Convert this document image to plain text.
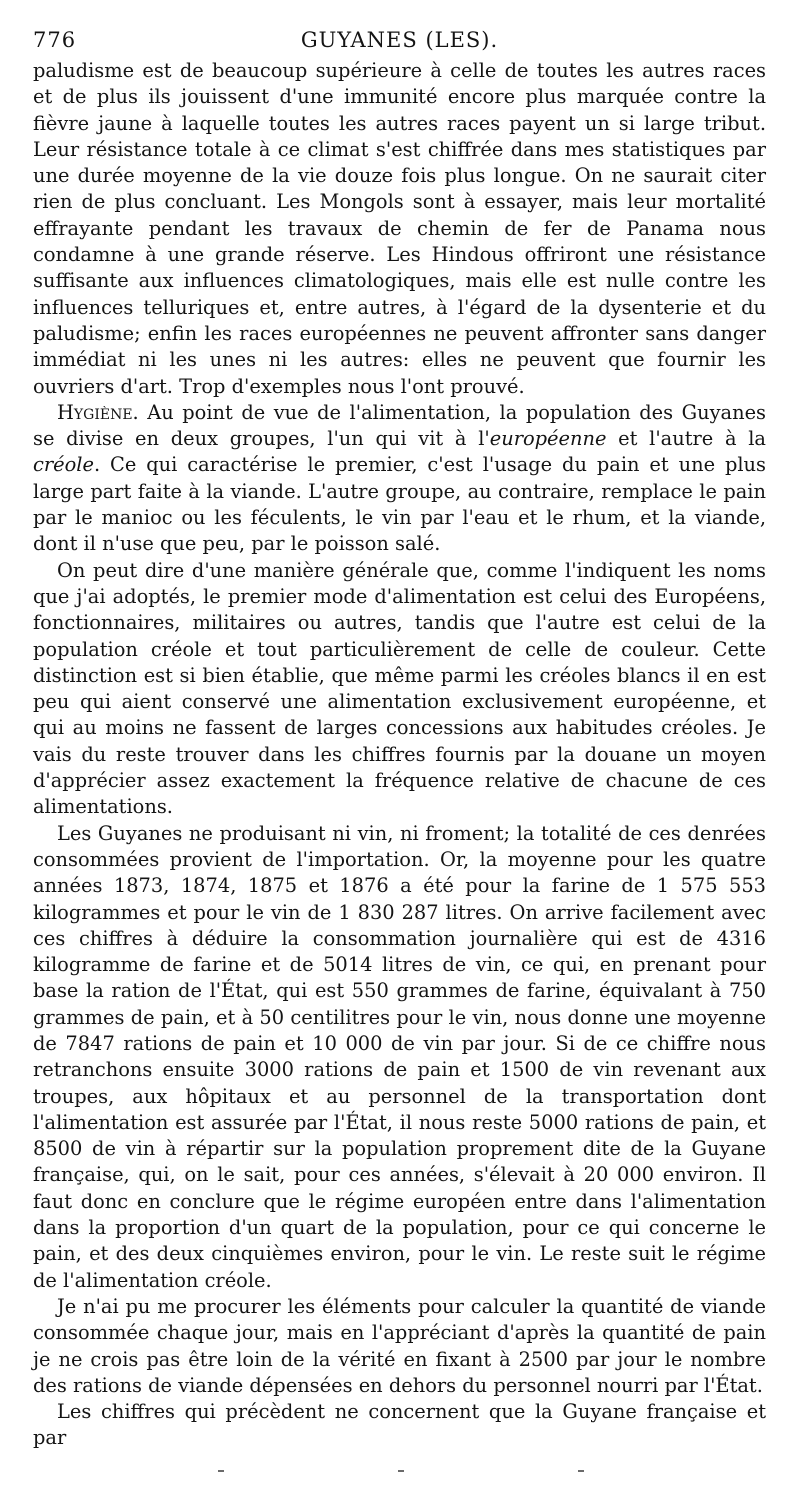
776	GUYANES (LES).

paludisme est de beaucoup supérieure à celle de toutes les autres races et de plus ils jouissent d'une immunité encore plus marquée contre la fièvre jaune à laquelle toutes les autres races payent un si large tribut. Leur résistance totale à ce climat s'est chiffrée dans mes statistiques par une durée moyenne de la vie douze fois plus longue. On ne saurait citer rien de plus concluant. Les Mongols sont à essayer, mais leur mortalité effrayante pendant les travaux de chemin de fer de Panama nous condamne à une grande réserve. Les Hindous offriront une résistance suffisante aux influences climatologiques, mais elle est nulle contre les influences telluriques et, entre autres, à l'égard de la dysenterie et du paludisme; enfin les races européennes ne peuvent affronter sans danger immédiat ni les unes ni les autres: elles ne peuvent que fournir les ouvriers d'art. Trop d'exemples nous l'ont prouvé.

Hygiène. Au point de vue de l'alimentation, la population des Guyanes se divise en deux groupes, l'un qui vit à l'européenne et l'autre à la créole. Ce qui caractérise le premier, c'est l'usage du pain et une plus large part faite à la viande. L'autre groupe, au contraire, remplace le pain par le manioc ou les féculents, le vin par l'eau et le rhum, et la viande, dont il n'use que peu, par le poisson salé.

On peut dire d'une manière générale que, comme l'indiquent les noms que j'ai adoptés, le premier mode d'alimentation est celui des Européens, fonctionnaires, militaires ou autres, tandis que l'autre est celui de la population créole et tout particulièrement de celle de couleur. Cette distinction est si bien établie, que même parmi les créoles blancs il en est peu qui aient conservé une alimentation exclusivement européenne, et qui au moins ne fassent de larges concessions aux habitudes créoles. Je vais du reste trouver dans les chiffres fournis par la douane un moyen d'apprécier assez exactement la fréquence relative de chacune de ces alimentations.

Les Guyanes ne produisant ni vin, ni froment; la totalité de ces denrées consommées provient de l'importation. Or, la moyenne pour les quatre années 1873, 1874, 1875 et 1876 a été pour la farine de 1 575 553 kilogrammes et pour le vin de 1 830 287 litres. On arrive facilement avec ces chiffres à déduire la consommation journalière qui est de 4316 kilogramme de farine et de 5014 litres de vin, ce qui, en prenant pour base la ration de l'État, qui est 550 grammes de farine, équivalant à 750 grammes de pain, et à 50 centilitres pour le vin, nous donne une moyenne de 7847 rations de pain et 10 000 de vin par jour. Si de ce chiffre nous retranchons ensuite 3000 rations de pain et 1500 de vin revenant aux troupes, aux hôpitaux et au personnel de la transportation dont l'alimentation est assurée par l'État, il nous reste 5000 rations de pain, et 8500 de vin à répartir sur la population proprement dite de la Guyane française, qui, on le sait, pour ces années, s'élevait à 20 000 environ. Il faut donc en conclure que le régime européen entre dans l'alimentation dans la proportion d'un quart de la population, pour ce qui concerne le pain, et des deux cinquièmes environ, pour le vin. Le reste suit le régime de l'alimentation créole.

Je n'ai pu me procurer les éléments pour calculer la quantité de viande consommée chaque jour, mais en l'appréciant d'après la quantité de pain je ne crois pas être loin de la vérité en fixant à 2500 par jour le nombre des rations de viande dépensées en dehors du personnel nourri par l'État.

Les chiffres qui précèdent ne concernent que la Guyane française et par
